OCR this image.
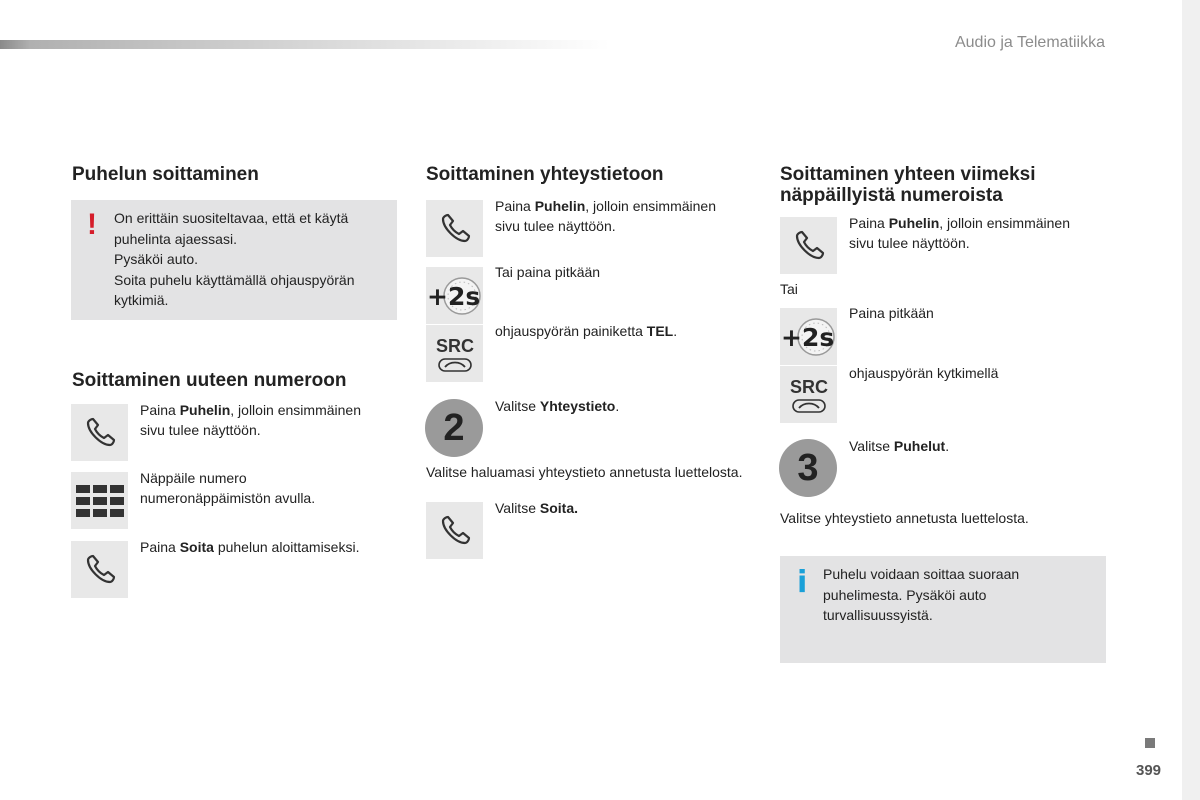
Audio ja Telematiikka
Puhelun soittaminen
! On erittäin suositeltavaa, että et käytä
puhelinta ajaessasi.
Pysäköi auto.
Soita puhelu käyttämällä ohjauspyörän
kytkimiä.
Soittaminen uuteen numeroon
Paina Puhelin, jolloin ensimmäinen
sivu tulee näyttöön.
Näppäile numero
numeronäppäimistön avulla.
Paina Soita puhelun aloittamiseksi.
Soittaminen yhteystietoon
Paina Puhelin, jolloin ensimmäinen
sivu tulee näyttöön.
+2s
Tai paina pitkään
SRC
ohjauspyörän painiketta TEL.
2
Valitse Yhteystieto.
Valitse haluamasi yhteystieto annetusta luettelosta.
Valitse Soita.
Soittaminen yhteen viimeksi
näppäillyistä numeroista
Paina Puhelin, jolloin ensimmäinen
sivu tulee näyttöön.
Tai
+2s
Paina pitkään
SRC
ohjauspyörän kytkimellä
3
Valitse Puhelut.
Valitse yhteystieto annetusta luettelosta.
i Puhelu voidaan soittaa suoraan
puhelimesta. Pysäköi auto
turvallisuussyistä.
399
